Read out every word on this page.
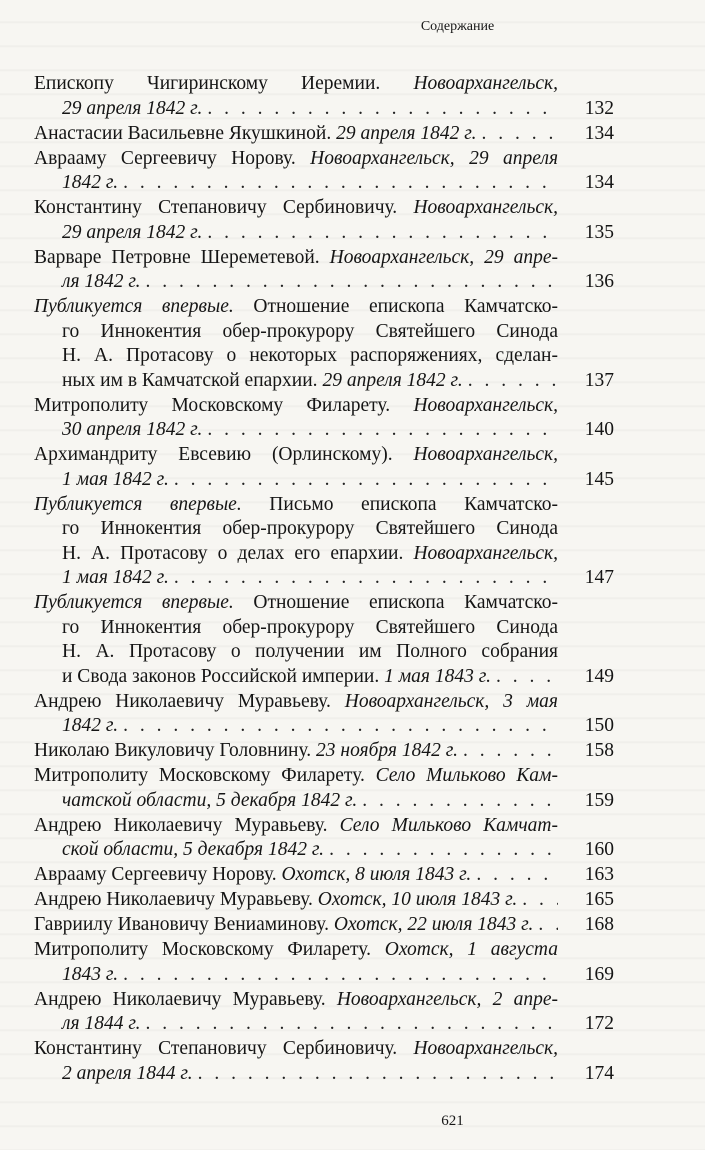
Содержание
Епископу Чигиринскому Иеремии. Новоархангельск,
29 апреля 1842 г. . . .	132
Анастасии Васильевне Якушкиной. 29 апреля 1842 г. . . .	134
Аврааму Сергеевичу Норову. Новоархангельск, 29 апреля
1842 г. . . .	134
Константину Степановичу Сербиновичу. Новоархангельск,
29 апреля 1842 г. . . .	135
Варваре Петровне Шереметевой. Новоархангельск, 29 апре-
ля 1842 г. . . .	136
Публикуется впервые. Отношение епископа Камчатско-
го Иннокентия обер-прокурору Святейшего Синода
Н. А. Протасову о некоторых распоряжениях, сделан-
ных им в Камчатской епархии. 29 апреля 1842 г. . . .	137
Митрополиту Московскому Филарету. Новоархангельск,
30 апреля 1842 г. . . .	140
Архимандриту Евсевию (Орлинскому). Новоархангельск,
1 мая 1842 г. . . .	145
Публикуется впервые. Письмо епископа Камчатско-
го Иннокентия обер-прокурору Святейшего Синода
Н. А. Протасову о делах его епархии. Новоархангельск,
1 мая 1842 г. . . .	147
Публикуется впервые. Отношение епископа Камчатско-
го Иннокентия обер-прокурору Святейшего Синода
Н. А. Протасову о получении им Полного собрания
и Свода законов Российской империи. 1 мая 1843 г. . . .	149
Андрею Николаевичу Муравьеву. Новоархангельск, 3 мая
1842 г. . . .	150
Николаю Викуловичу Головнину. 23 ноября 1842 г. . . .	158
Митрополиту Московскому Филарету. Село Мильково Кам-
чатской области, 5 декабря 1842 г. . . .	159
Андрею Николаевичу Муравьеву. Село Мильково Камчат-
ской области, 5 декабря 1842 г. . . .	160
Аврааму Сергеевичу Норову. Охотск, 8 июля 1843 г. . . .	163
Андрею Николаевичу Муравьеву. Охотск, 10 июля 1843 г. . . .	165
Гавриилу Ивановичу Вениаминову. Охотск, 22 июля 1843 г. . . .	168
Митрополиту Московскому Филарету. Охотск, 1 августа
1843 г. . . .	169
Андрею Николаевичу Муравьеву. Новоархангельск, 2 апре-
ля 1844 г. . . .	172
Константину Степановичу Сербиновичу. Новоархангельск,
2 апреля 1844 г. . . .	174
621
